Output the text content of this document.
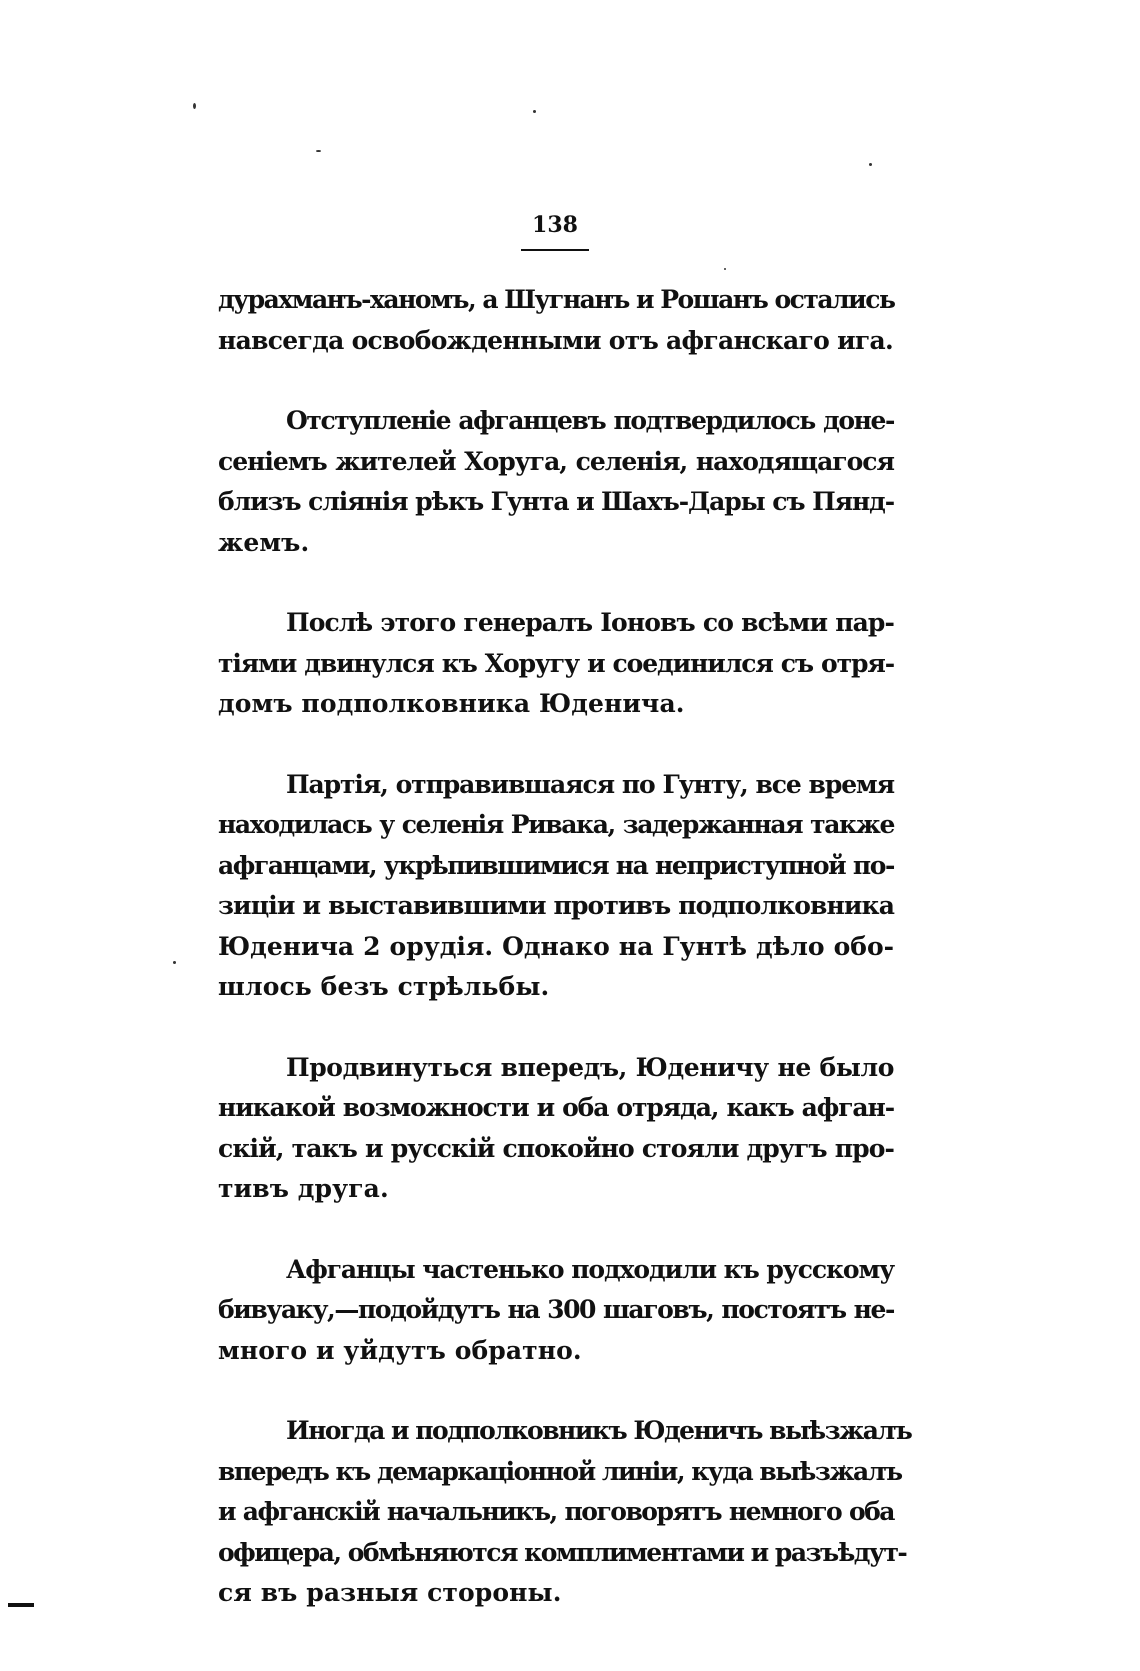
138

дурахманъ-ханомъ, а Шугнанъ и Рошанъ остались
навсегда освобожденными отъ афганскаго ига.

Отступленіе афганцевъ подтвердилось доне-
сеніемъ жителей Хоруга, селенія, находящагося
близъ сліянія рѣкъ Гунта и Шахъ-Дары съ Пянд-
жемъ.

Послѣ этого генералъ Іоновъ со всѣми пар-
тіями двинулся къ Хоругу и соединился съ отря-
домъ подполковника Юденича.

Партія, отправившаяся по Гунту, все время
находилась у селенія Ривака, задержанная также
афганцами, укрѣпившимися на неприступной по-
зиціи и выставившими противъ подполковника
Юденича 2 орудія. Однако на Гунтѣ дѣло обо-
шлось безъ стрѣльбы.

Продвинуться впередъ, Юденичу не было
никакой возможности и оба отряда, какъ афган-
скій, такъ и русскій спокойно стояли другъ про-
тивъ друга.

Афганцы частенько подходили къ русскому
бивуаку,—подойдутъ на 300 шаговъ, постоятъ не-
много и уйдутъ обратно.

Иногда и подполковникъ Юденичъ выѣзжалъ
впередъ къ демаркаціонной линіи, куда выѣзжалъ
и афганскій начальникъ, поговорятъ немного оба
офицера, обмѣняются комплиментами и разъѣдут-
ся въ разныя стороны.
